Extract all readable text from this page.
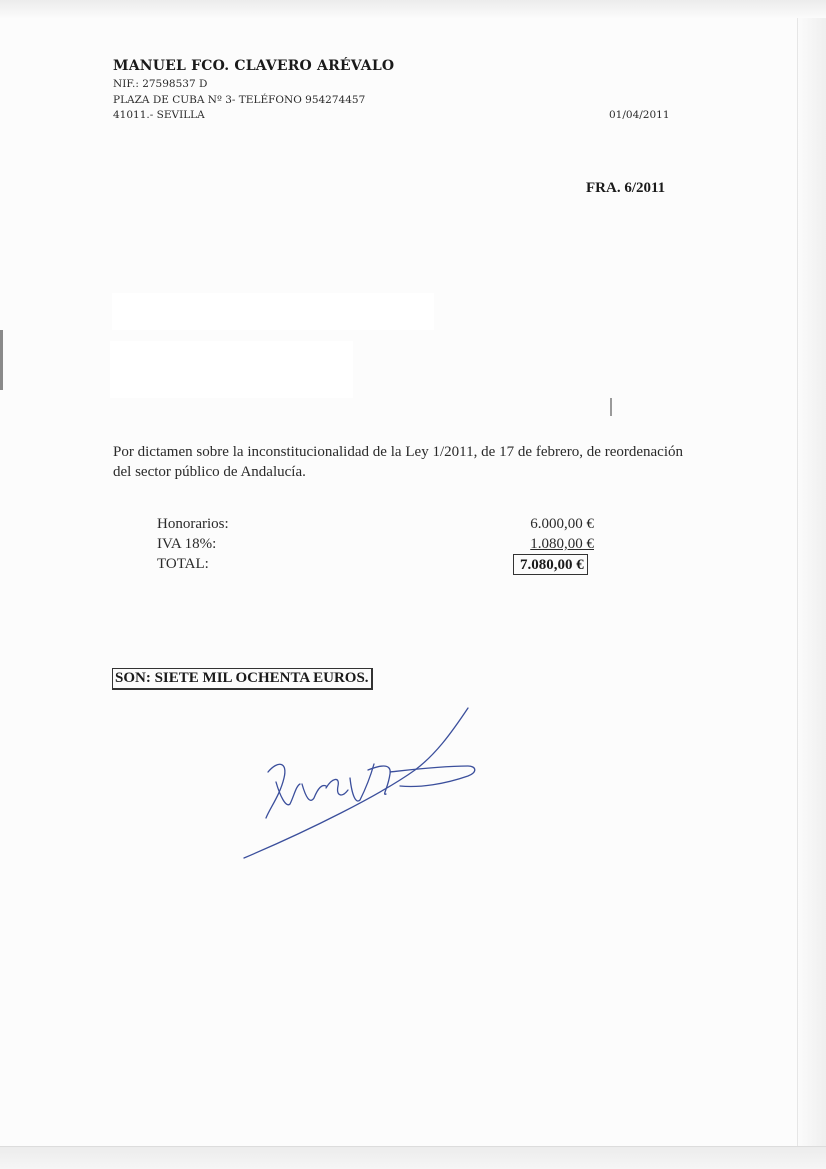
MANUEL FCO. CLAVERO ARÉVALO
NIF.: 27598537 D
PLAZA DE CUBA Nº 3- TELÉFONO 954274457
41011.- SEVILLA	01/04/2011
FRA. 6/2011
Por dictamen sobre la inconstitucionalidad de la Ley 1/2011, de 17 de febrero, de reordenación del sector público de Andalucía.
Honorarios:	6.000,00 €
IVA 18%:	1.080,00 €
TOTAL:	7.080,00 €
SON: SIETE MIL OCHENTA EUROS.
